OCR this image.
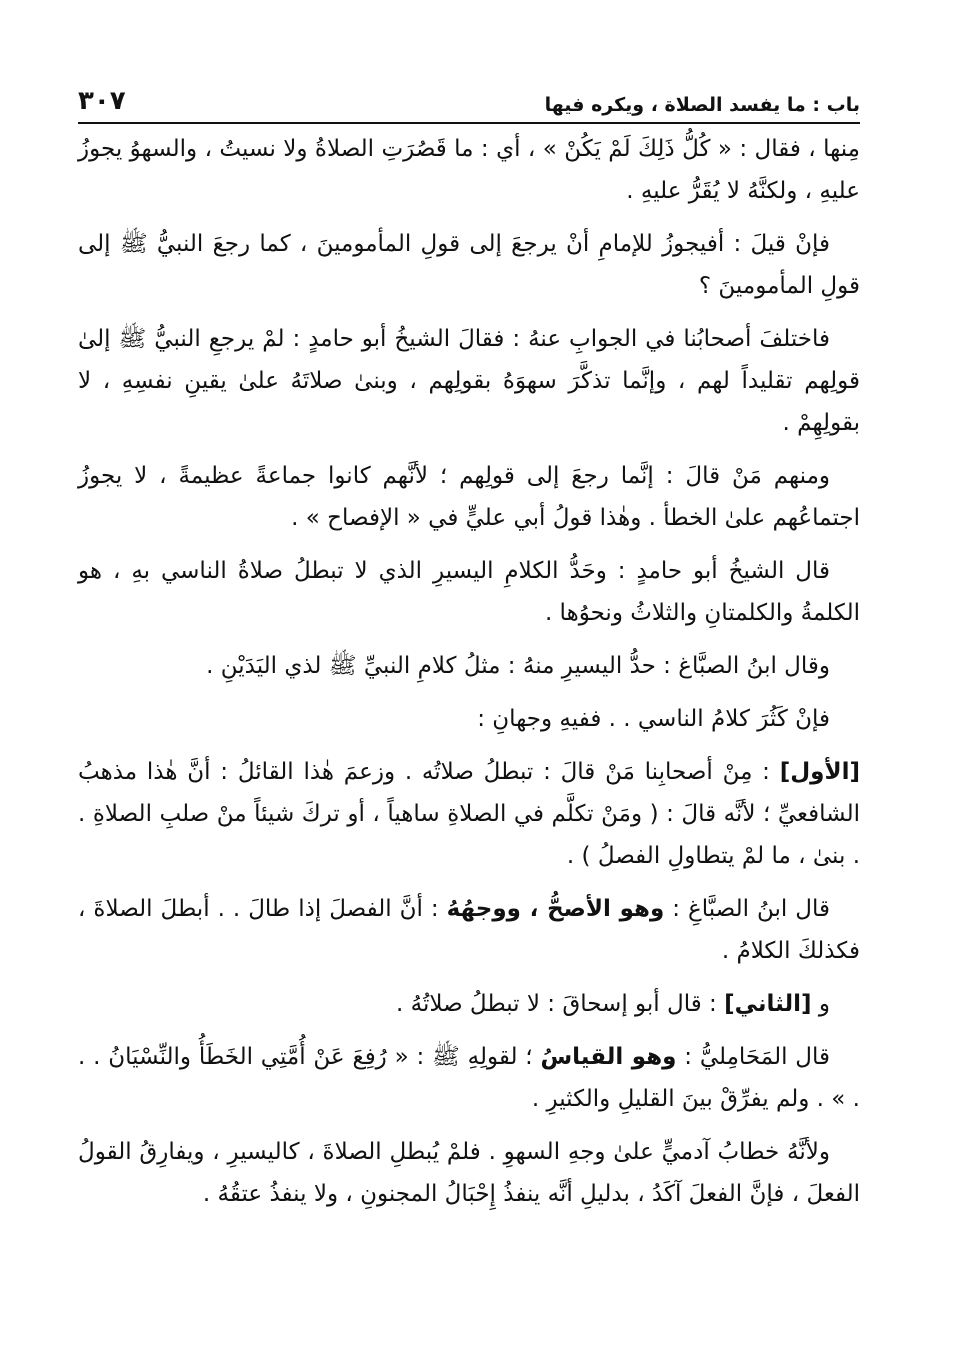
باب : ما يفسد الصلاة ، ويكره فيها
٣٠٧

مِنها ، فقال : « كُلُّ ذَلِكَ لَمْ يَكُنْ » ، أي : ما قَصُرَتِ الصلاةُ ولا نسيتُ ، والسهوُ يجوزُ عليهِ ، ولكنَّهُ لا يُقَرُّ عليهِ .

فإنْ قيلَ : أفيجوزُ للإمامِ أنْ يرجعَ إلى قولِ المأمومينَ ، كما رجعَ النبيُّ ﷺ إلى قولِ المأمومينَ ؟

فاختلفَ أصحابُنا في الجوابِ عنهُ : فقالَ الشيخُ أبو حامدٍ : لمْ يرجعِ النبيُّ ﷺ إلىٰ قولِهم تقليداً لهم ، وإنَّما تذكَّرَ سهوَهُ بقولِهم ، وبنىٰ صلاتَهُ علىٰ يقينِ نفسِهِ ، لا بقولِهِمْ .

ومنهم مَنْ قالَ : إنَّما رجعَ إلى قولِهم ؛ لأنَّهم كانوا جماعةً عظيمةً ، لا يجوزُ اجتماعُهم علىٰ الخطأ . وهٰذا قولُ أبي عليٍّ في « الإفصاح » .

قال الشيخُ أبو حامدٍ : وحَدُّ الكلامِ اليسيرِ الذي لا تبطلُ صلاةُ الناسي بهِ ، هو الكلمةُ والكلمتانِ والثلاثُ ونحوُها .

وقال ابنُ الصبَّاغ : حدُّ اليسيرِ منهُ : مثلُ كلامِ النبيِّ ﷺ لذي اليَدَيْنِ .

فإنْ كَثُرَ كلامُ الناسي . . ففيهِ وجهانِ :

[الأول] : مِنْ أصحابِنا مَنْ قالَ : تبطلُ صلاتُه . وزعمَ هٰذا القائلُ : أنَّ هٰذا مذهبُ الشافعيِّ ؛ لأنَّه قالَ : ( ومَنْ تكلَّم في الصلاةِ ساهياً ، أو تركَ شيئاً منْ صلبِ الصلاةِ . . بنىٰ ، ما لمْ يتطاولِ الفصلُ ) .

قال ابنُ الصبَّاغِ : وهو الأصحُّ ، ووجهُهُ : أنَّ الفصلَ إذا طالَ . . أبطلَ الصلاةَ ، فكذلكَ الكلامُ .

و [الثاني] : قال أبو إسحاقَ : لا تبطلُ صلاتُهُ .

قال المَحَامِليُّ : وهو القياسُ ؛ لقولِهِ ﷺ : « رُفِعَ عَنْ أُمَّتِي الخَطَأُ والنِّسْيَانُ . . . » . ولم يفرِّقْ بينَ القليلِ والكثيرِ .

ولأنَّهُ خطابُ آدميٍّ علىٰ وجهِ السهوِ . فلمْ يُبطلِ الصلاةَ ، كاليسيرِ ، ويفارِقُ القولُ الفعلَ ، فإنَّ الفعلَ آكَدُ ، بدليلِ أنَّه ينفذُ إِحْبَالُ المجنونِ ، ولا ينفذُ عتقُهُ .
